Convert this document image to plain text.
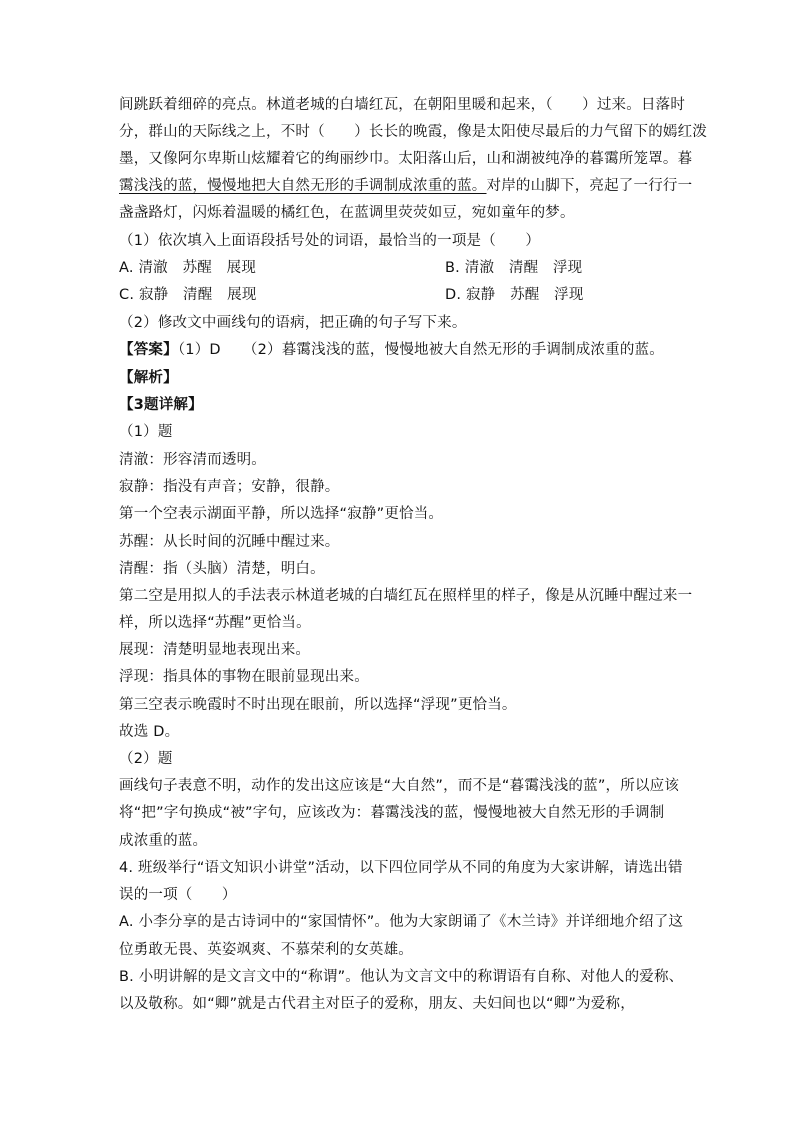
间跳跃着细碎的亮点。林道老城的白墙红瓦，在朝阳里暖和起来，（　　）过来。日落时
分，群山的天际线之上，不时（　　）长长的晚霞，像是太阳使尽最后的力气留下的嫣红泼
墨，又像阿尔卑斯山炫耀着它的绚丽纱巾。太阳落山后，山和湖被纯净的暮霭所笼罩。暮
霭浅浅的蓝，慢慢地把大自然无形的手调制成浓重的蓝。对岸的山脚下，亮起了一行行一
盏盏路灯，闪烁着温暖的橘红色，在蓝调里荧荧如豆，宛如童年的梦。
（1）依次填入上面语段括号处的词语，最恰当的一项是（　　）
A. 清澈　苏醒　展现	B. 清澈　清醒　浮现
C. 寂静　清醒　展现	D. 寂静　苏醒　浮现
（2）修改文中画线句的语病，把正确的句子写下来。
【答案】（1）D　　（2）暮霭浅浅的蓝，慢慢地被大自然无形的手调制成浓重的蓝。
【解析】
【3题详解】
（1）题
清澈：形容清而透明。
寂静：指没有声音；安静，很静。
第一个空表示湖面平静，所以选择“寂静”更恰当。
苏醒：从长时间的沉睡中醒过来。
清醒：指（头脑）清楚，明白。
第二空是用拟人的手法表示林道老城的白墙红瓦在照样里的样子，像是从沉睡中醒过来一
样，所以选择“苏醒”更恰当。
展现：清楚明显地表现出来。
浮现：指具体的事物在眼前显现出来。
第三空表示晚霞时不时出现在眼前，所以选择“浮现”更恰当。
故选 D。
（2）题
画线句子表意不明，动作的发出这应该是“大自然”，而不是“暮霭浅浅的蓝”，所以应该
将“把”字句换成“被”字句，应该改为：暮霭浅浅的蓝，慢慢地被大自然无形的手调制
成浓重的蓝。
4. 班级举行“语文知识小讲堂”活动，以下四位同学从不同的角度为大家讲解，请选出错
误的一项（　　）
A. 小李分享的是古诗词中的“家国情怀”。他为大家朗诵了《木兰诗》并详细地介绍了这
位勇敢无畏、英姿飒爽、不慕荣利的女英雄。
B. 小明讲解的是文言文中的“称谓”。他认为文言文中的称谓语有自称、对他人的爱称、
以及敬称。如“卿”就是古代君主对臣子的爱称，朋友、夫妇间也以“卿”为爱称，
